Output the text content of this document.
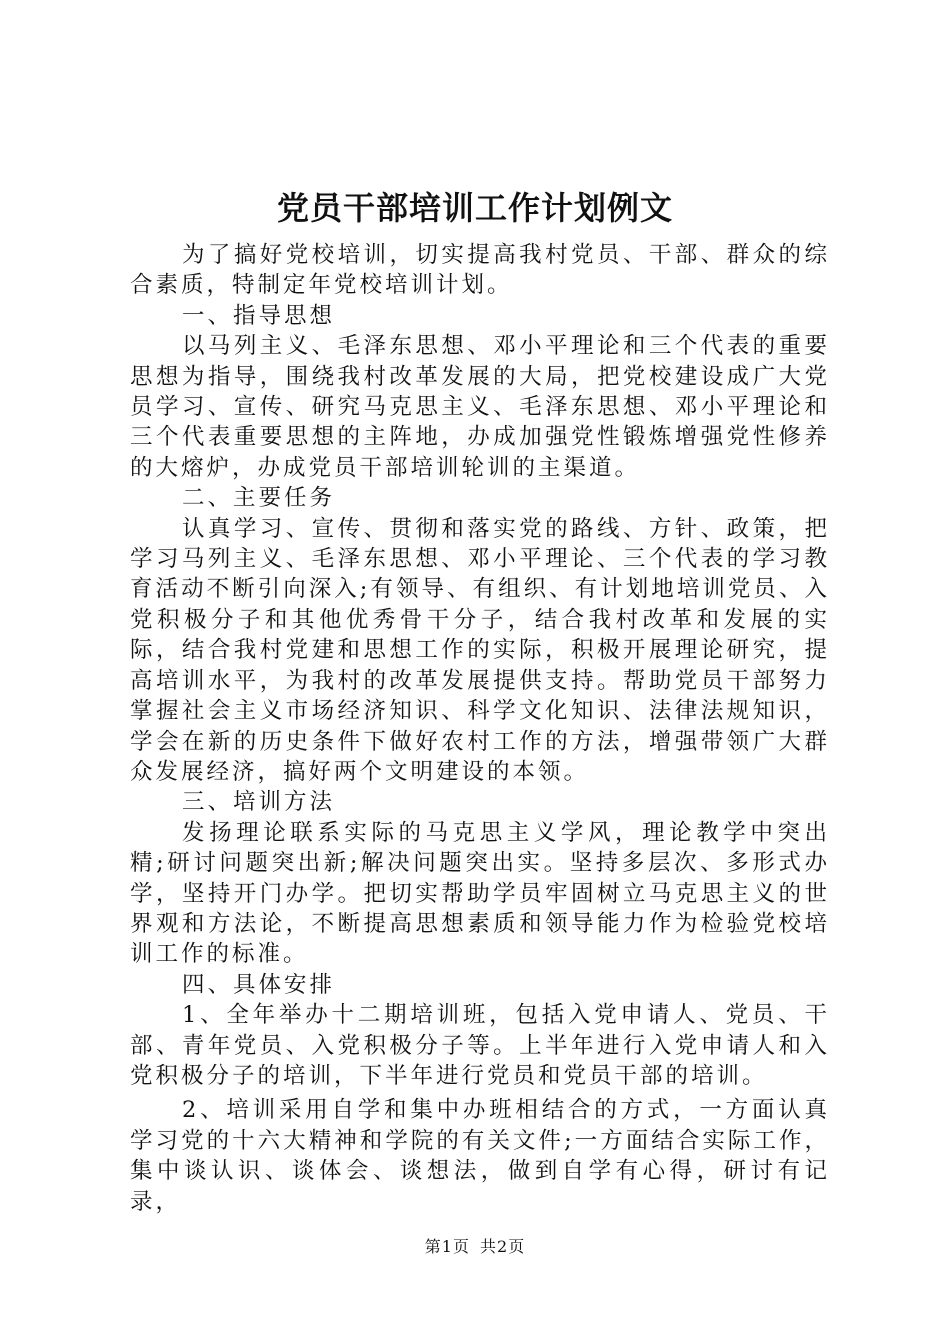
党员干部培训工作计划例文

为了搞好党校培训，切实提高我村党员、干部、群众的综合素质，特制定年党校培训计划。

一、指导思想

以马列主义、毛泽东思想、邓小平理论和三个代表的重要思想为指导，围绕我村改革发展的大局，把党校建设成广大党员学习、宣传、研究马克思主义、毛泽东思想、邓小平理论和三个代表重要思想的主阵地，办成加强党性锻炼增强党性修养的大熔炉，办成党员干部培训轮训的主渠道。

二、主要任务

认真学习、宣传、贯彻和落实党的路线、方针、政策，把学习马列主义、毛泽东思想、邓小平理论、三个代表的学习教育活动不断引向深入;有领导、有组织、有计划地培训党员、入党积极分子和其他优秀骨干分子，结合我村改革和发展的实际，结合我村党建和思想工作的实际，积极开展理论研究，提高培训水平，为我村的改革发展提供支持。帮助党员干部努力掌握社会主义市场经济知识、科学文化知识、法律法规知识，学会在新的历史条件下做好农村工作的方法，增强带领广大群众发展经济，搞好两个文明建设的本领。

三、培训方法

发扬理论联系实际的马克思主义学风，理论教学中突出精;研讨问题突出新;解决问题突出实。坚持多层次、多形式办学，坚持开门办学。把切实帮助学员牢固树立马克思主义的世界观和方法论，不断提高思想素质和领导能力作为检验党校培训工作的标准。

四、具体安排

1、全年举办十二期培训班，包括入党申请人、党员、干部、青年党员、入党积极分子等。上半年进行入党申请人和入党积极分子的培训，下半年进行党员和党员干部的培训。

2、培训采用自学和集中办班相结合的方式，一方面认真学习党的十六大精神和学院的有关文件;一方面结合实际工作，集中谈认识、谈体会、谈想法，做到自学有心得，研讨有记录，

第1页 共2页
